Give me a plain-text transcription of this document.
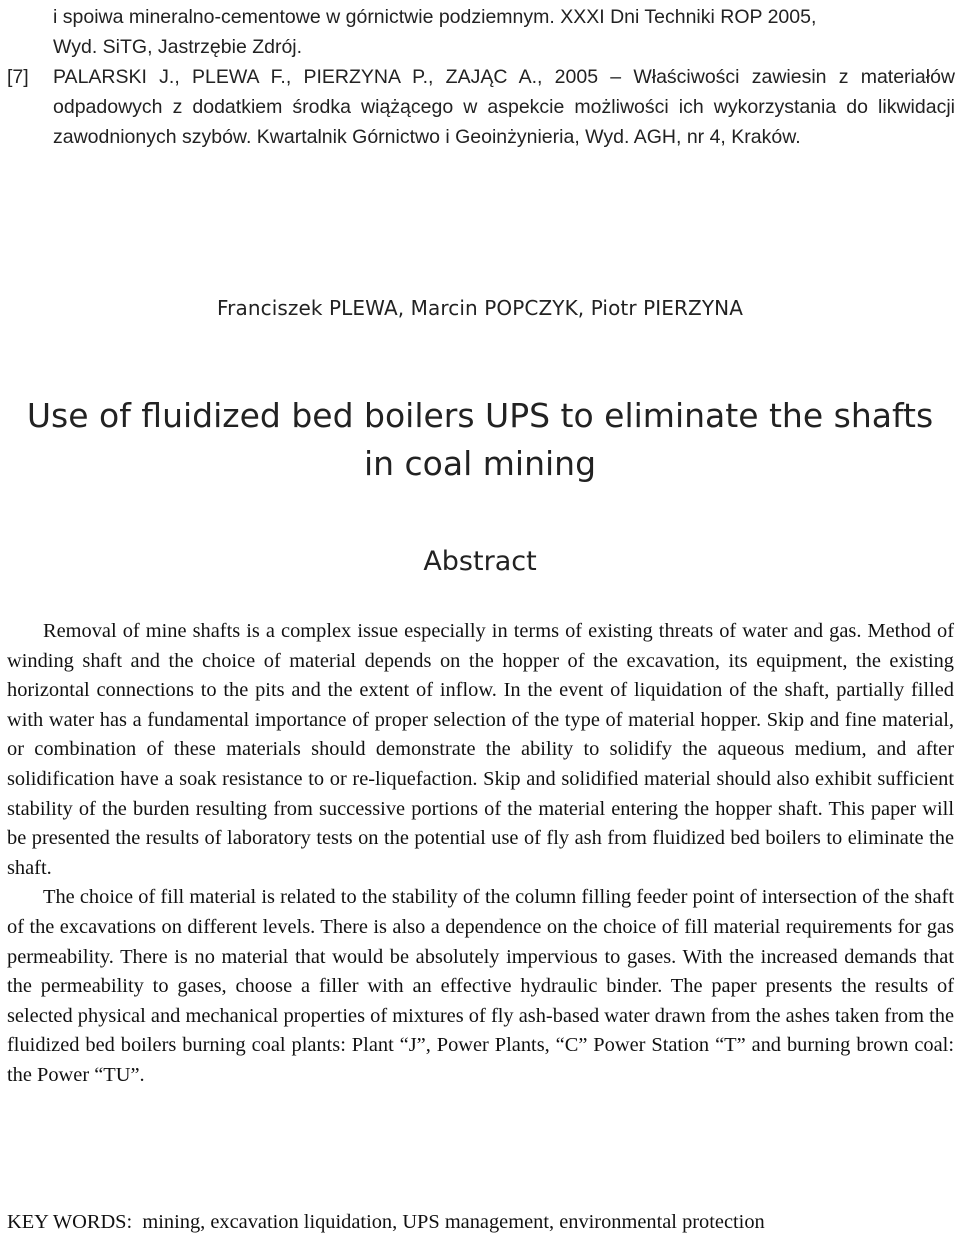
i spoiwa mineralno-cementowe w górnictwie podziemnym. XXXI Dni Techniki ROP 2005,
Wyd. SiTG, Jastrzębie Zdrój.
[7] PALARSKI J., PLEWA F., PIERZYNA P., ZAJĄC A., 2005 – Właściwości zawiesin z materiałów odpadowych z dodatkiem środka wiążącego w aspekcie możliwości ich wykorzystania do likwidacji zawodnionych szybów. Kwartalnik Górnictwo i Geoinżynieria, Wyd. AGH, nr 4, Kraków.
Franciszek PLEWA, Marcin POPCZYK, Piotr PIERZYNA
Use of fluidized bed boilers UPS to eliminate the shafts in coal mining
Abstract

Removal of mine shafts is a complex issue especially in terms of existing threats of water and gas. Method of winding shaft and the choice of material depends on the hopper of the excavation, its equipment, the existing horizontal connections to the pits and the extent of inflow. In the event of liquidation of the shaft, partially filled with water has a fundamental importance of proper selection of the type of material hopper. Skip and fine material, or combination of these materials should demonstrate the ability to solidify the aqueous medium, and after solidification have a soak resistance to or re-liquefaction. Skip and solidified material should also exhibit sufficient stability of the burden resulting from successive portions of the material entering the hopper shaft. This paper will be presented the results of laboratory tests on the potential use of fly ash from fluidized bed boilers to eliminate the shaft.

The choice of fill material is related to the stability of the column filling feeder point of intersection of the shaft of the excavations on different levels. There is also a dependence on the choice of fill material requirements for gas permeability. There is no material that would be absolutely impervious to gases. With the increased demands that the permeability to gases, choose a filler with an effective hydraulic binder. The paper presents the results of selected physical and mechanical properties of mixtures of fly ash-based water drawn from the ashes taken from the fluidized bed boilers burning coal plants: Plant “J”, Power Plants, “C” Power Station “T” and burning brown coal: the Power “TU”.

KEY WORDS: mining, excavation liquidation, UPS management, environmental protection
